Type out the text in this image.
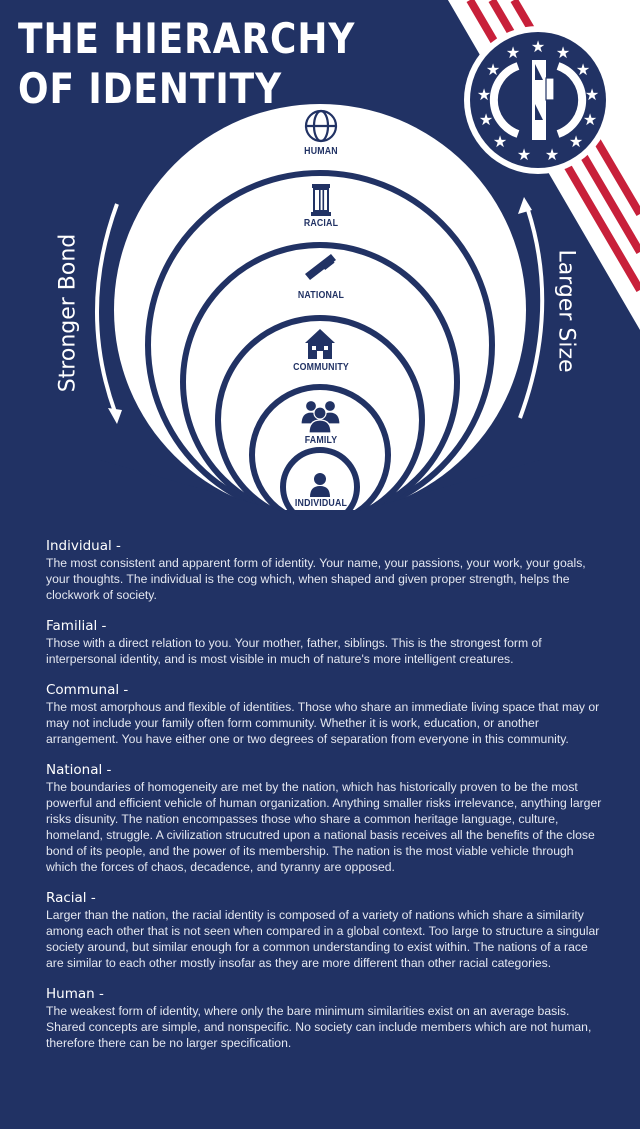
★ ★
★
★
★
★
★
★
★
★
★
★
★
THE HIERARCHY
OF IDENTITY
HUMAN
RACIAL
NATIONAL
COMMUNITY
FAMILY
INDIVIDUAL
Stronger Bond	Larger Size
Individual -

The most consistent and apparent form of identity. Your name, your passions, your work, your goals, your thoughts. The individual is the cog which, when shaped and given proper strength, helps the clockwork of society.

Familial -

Those with a direct relation to you. Your mother, father, siblings. This is the strongest form of interpersonal identity, and is most visible in much of nature's more intelligent creatures.

Communal -

The most amorphous and flexible of identities. Those who share an immediate living space that may or may not include your family often form community. Whether it is work, education, or another arrangement. You have either one or two degrees of separation from everyone in this community.

National -

The boundaries of homogeneity are met by the nation, which has historically proven to be the most powerful and efficient vehicle of human organization. Anything smaller risks irrelevance, anything larger risks disunity. The nation encompasses those who share a common heritage language, culture, homeland, struggle. A civilization strucutred upon a national basis receives all the benefits of the close bond of its people, and the power of its membership. The nation is the most viable vehicle through which the forces of chaos, decadence, and tyranny are opposed.

Racial -

Larger than the nation, the racial identity is composed of a variety of nations which share a similarity among each other that is not seen when compared in a global context. Too large to structure a singular society around, but similar enough for a common understanding to exist within. The nations of a race are similar to each other mostly insofar as they are more different than other racial categories.

Human -

The weakest form of identity, where only the bare minimum similarities exist on an average basis. Shared concepts are simple, and nonspecific. No society can include members which are not human, therefore there can be no larger specification.
